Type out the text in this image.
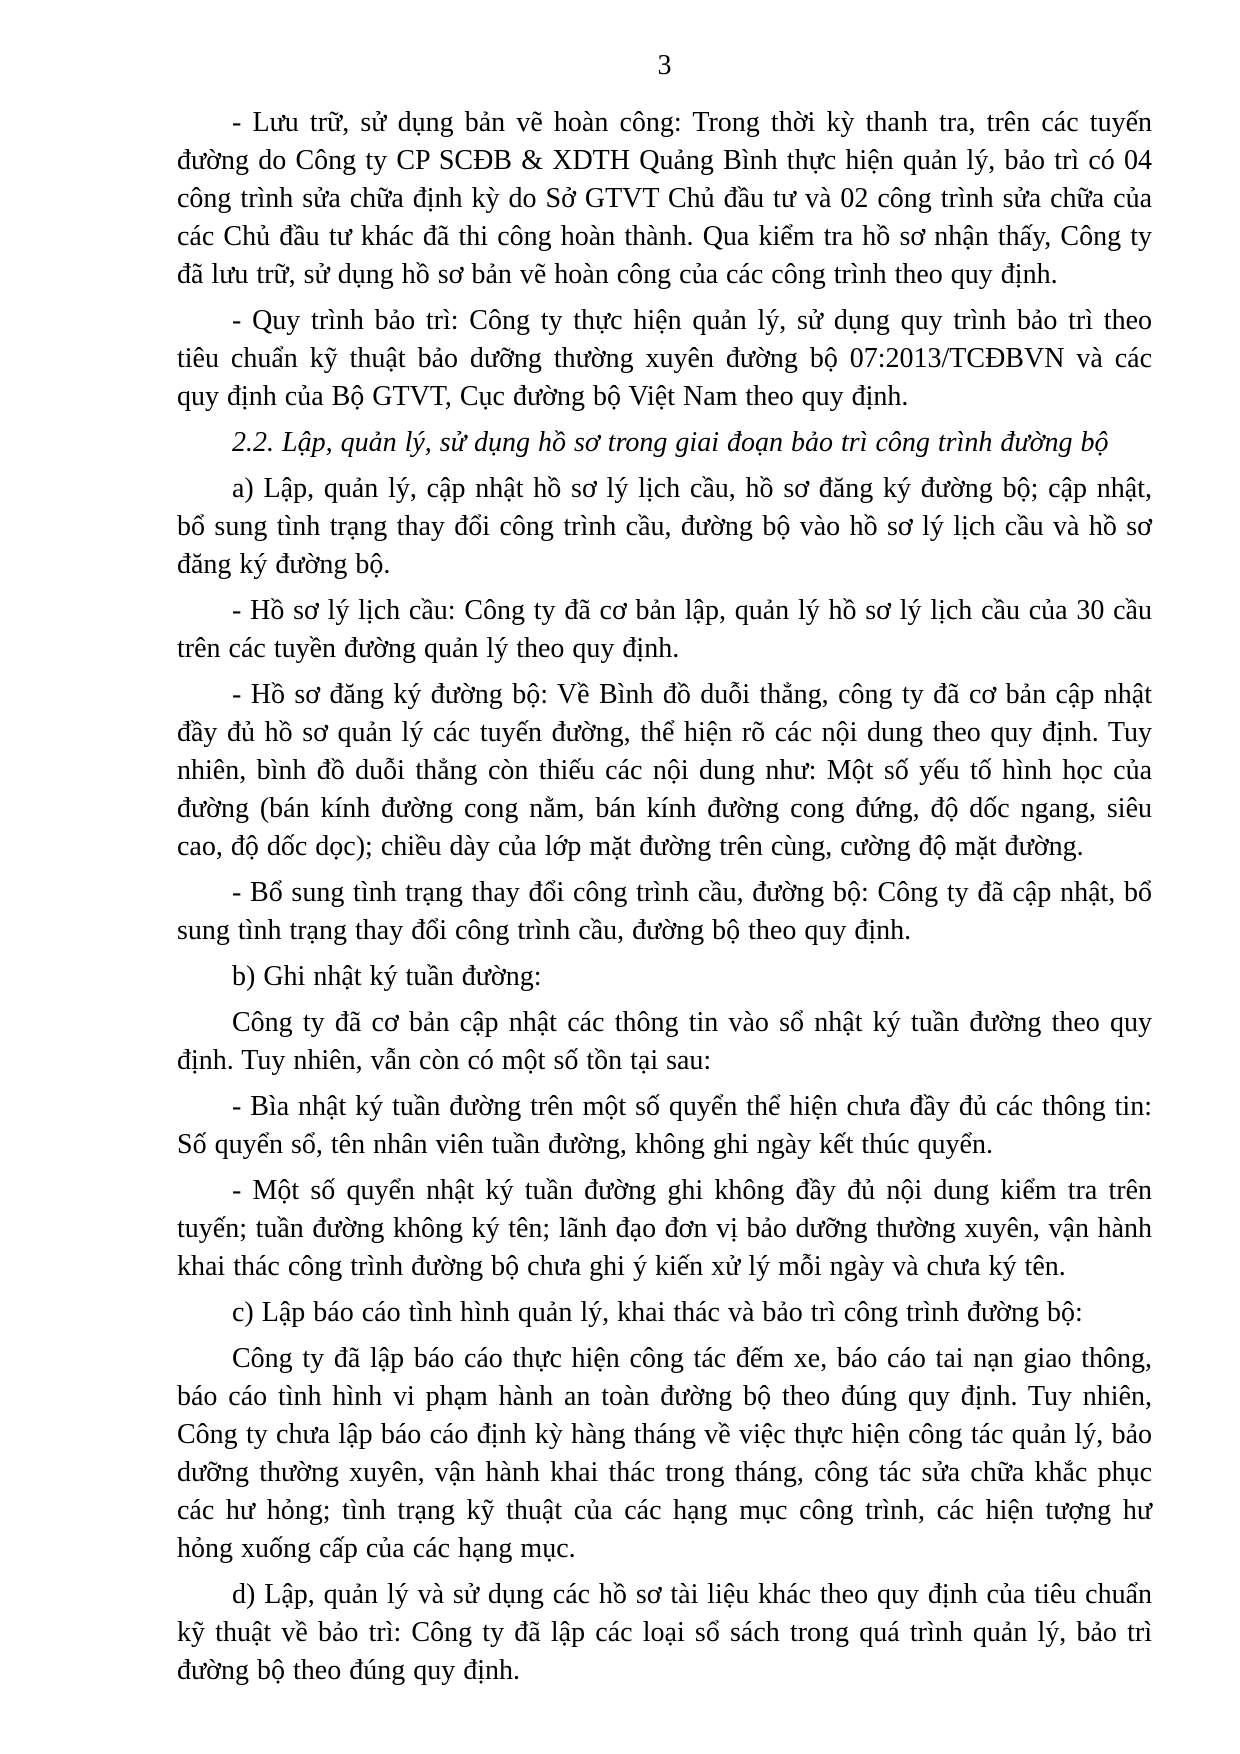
3

- Lưu trữ, sử dụng bản vẽ hoàn công: Trong thời kỳ thanh tra, trên các tuyến đường do Công ty CP SCĐB & XDTH Quảng Bình thực hiện quản lý, bảo trì có 04 công trình sửa chữa định kỳ do Sở GTVT Chủ đầu tư và 02 công trình sửa chữa của các Chủ đầu tư khác đã thi công hoàn thành. Qua kiểm tra hồ sơ nhận thấy, Công ty đã lưu trữ, sử dụng hồ sơ bản vẽ hoàn công của các công trình theo quy định.

- Quy trình bảo trì: Công ty thực hiện quản lý, sử dụng quy trình bảo trì theo tiêu chuẩn kỹ thuật bảo dưỡng thường xuyên đường bộ 07:2013/TCĐBVN và các quy định của Bộ GTVT, Cục đường bộ Việt Nam theo quy định.

2.2. Lập, quản lý, sử dụng hồ sơ trong giai đoạn bảo trì công trình đường bộ

a) Lập, quản lý, cập nhật hồ sơ lý lịch cầu, hồ sơ đăng ký đường bộ; cập nhật, bổ sung tình trạng thay đổi công trình cầu, đường bộ vào hồ sơ lý lịch cầu và hồ sơ đăng ký đường bộ.

- Hồ sơ lý lịch cầu: Công ty đã cơ bản lập, quản lý hồ sơ lý lịch cầu của 30 cầu trên các tuyền đường quản lý theo quy định.

- Hồ sơ đăng ký đường bộ: Về Bình đồ duỗi thẳng, công ty đã cơ bản cập nhật đầy đủ hồ sơ quản lý các tuyến đường, thể hiện rõ các nội dung theo quy định. Tuy nhiên, bình đồ duỗi thẳng còn thiếu các nội dung như: Một số yếu tố hình học của đường (bán kính đường cong nằm, bán kính đường cong đứng, độ dốc ngang, siêu cao, độ dốc dọc); chiều dày của lớp mặt đường trên cùng, cường độ mặt đường.

- Bổ sung tình trạng thay đổi công trình cầu, đường bộ: Công ty đã cập nhật, bổ sung tình trạng thay đổi công trình cầu, đường bộ theo quy định.

b) Ghi nhật ký tuần đường:

Công ty đã cơ bản cập nhật các thông tin vào sổ nhật ký tuần đường theo quy định. Tuy nhiên, vẫn còn có một số tồn tại sau:

- Bìa nhật ký tuần đường trên một số quyển thể hiện chưa đầy đủ các thông tin: Số quyển sổ, tên nhân viên tuần đường, không ghi ngày kết thúc quyển.

- Một số quyển nhật ký tuần đường ghi không đầy đủ nội dung kiểm tra trên tuyến; tuần đường không ký tên; lãnh đạo đơn vị bảo dưỡng thường xuyên, vận hành khai thác công trình đường bộ chưa ghi ý kiến xử lý mỗi ngày và chưa ký tên.

c) Lập báo cáo tình hình quản lý, khai thác và bảo trì công trình đường bộ:

Công ty đã lập báo cáo thực hiện công tác đếm xe, báo cáo tai nạn giao thông, báo cáo tình hình vi phạm hành an toàn đường bộ theo đúng quy định. Tuy nhiên, Công ty chưa lập báo cáo định kỳ hàng tháng về việc thực hiện công tác quản lý, bảo dưỡng thường xuyên, vận hành khai thác trong tháng, công tác sửa chữa khắc phục các hư hỏng; tình trạng kỹ thuật của các hạng mục công trình, các hiện tượng hư hỏng xuống cấp của các hạng mục.

d) Lập, quản lý và sử dụng các hồ sơ tài liệu khác theo quy định của tiêu chuẩn kỹ thuật về bảo trì: Công ty đã lập các loại sổ sách trong quá trình quản lý, bảo trì đường bộ theo đúng quy định.
